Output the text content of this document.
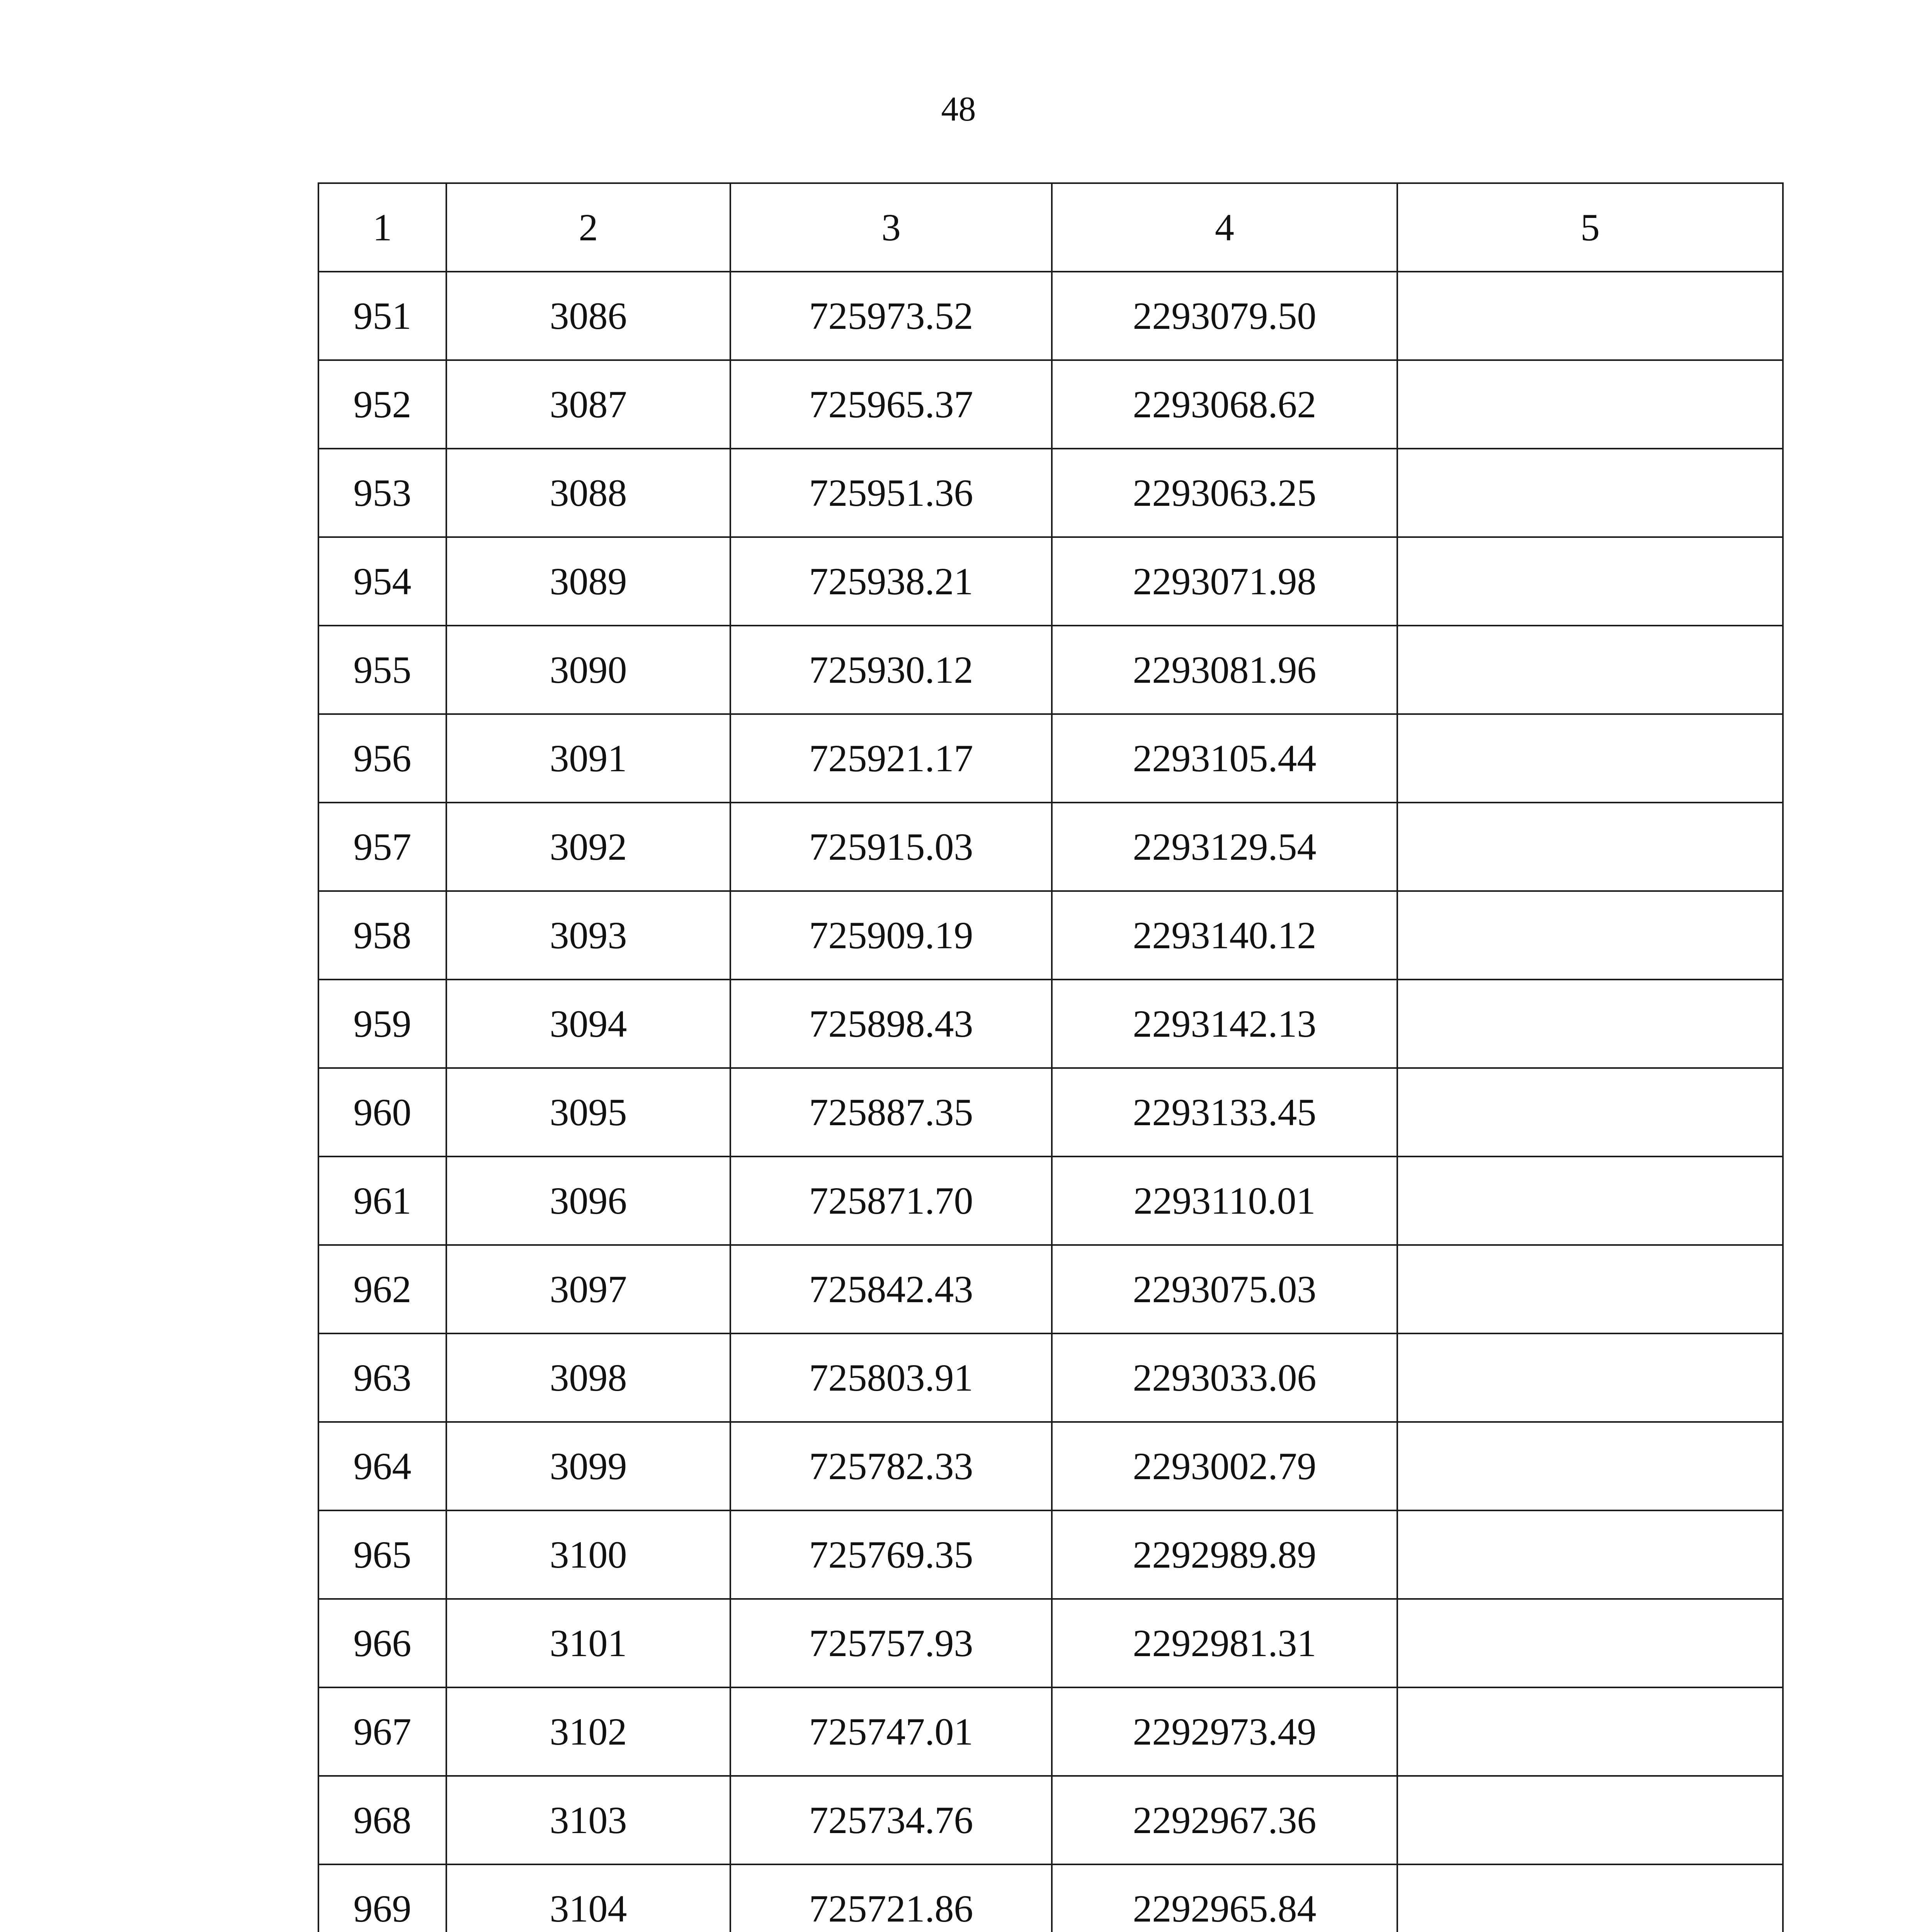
48
1	2	3	4	5
951	3086	725973.52	2293079.50	
952	3087	725965.37	2293068.62	
953	3088	725951.36	2293063.25	
954	3089	725938.21	2293071.98	
955	3090	725930.12	2293081.96	
956	3091	725921.17	2293105.44	
957	3092	725915.03	2293129.54	
958	3093	725909.19	2293140.12	
959	3094	725898.43	2293142.13	
960	3095	725887.35	2293133.45	
961	3096	725871.70	2293110.01	
962	3097	725842.43	2293075.03	
963	3098	725803.91	2293033.06	
964	3099	725782.33	2293002.79	
965	3100	725769.35	2292989.89	
966	3101	725757.93	2292981.31	
967	3102	725747.01	2292973.49	
968	3103	725734.76	2292967.36	
969	3104	725721.86	2292965.84	
